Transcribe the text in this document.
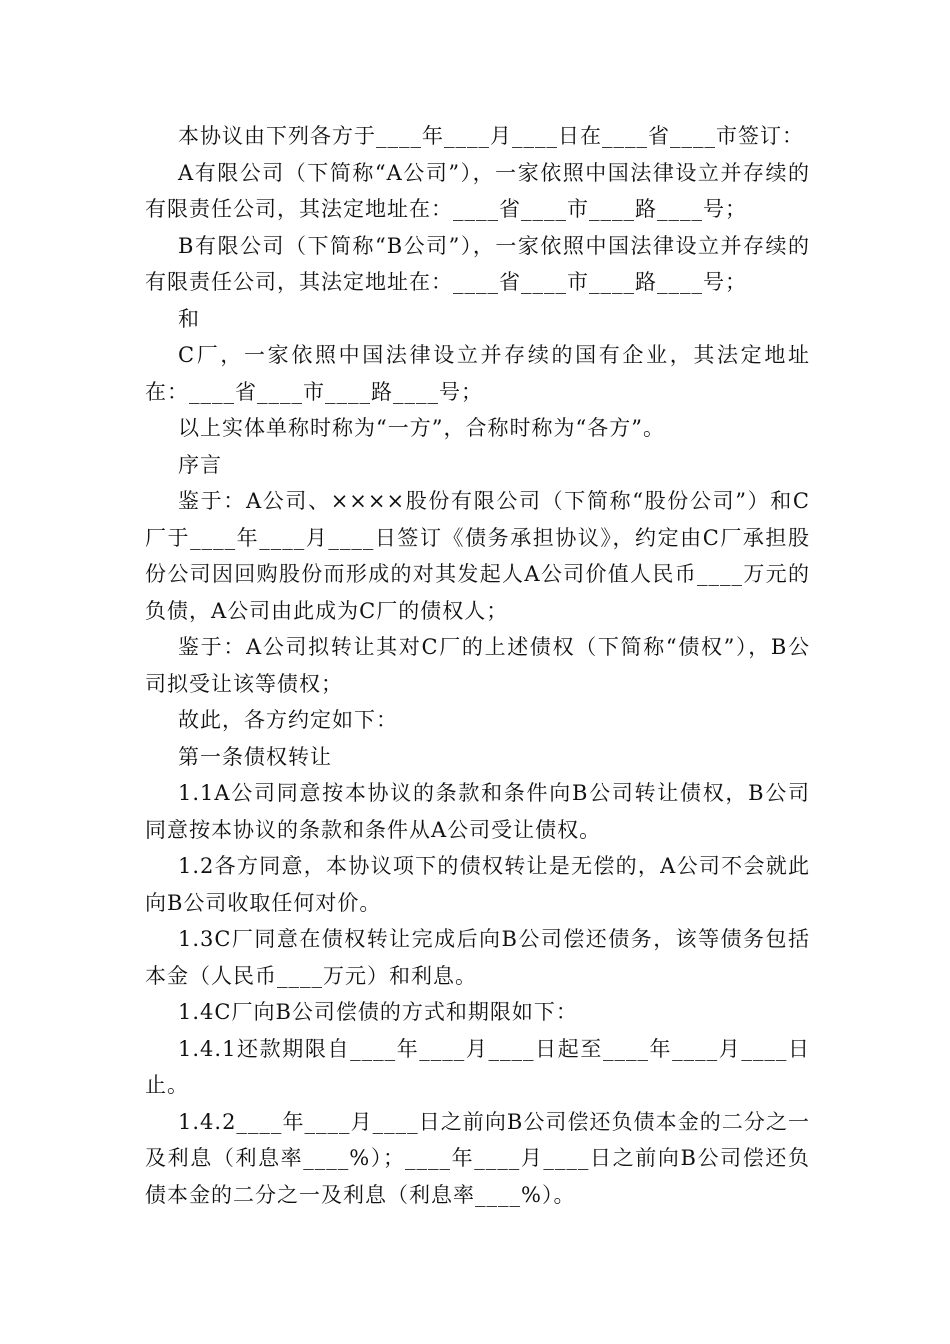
本协议由下列各方于____年____月____日在____省____市签订：

A有限公司（下简称“A公司”），一家依照中国法律设立并存续的有限责任公司，其法定地址在：____省____市____路____号；

B有限公司（下简称“B公司”），一家依照中国法律设立并存续的有限责任公司，其法定地址在：____省____市____路____号；

和

C厂，一家依照中国法律设立并存续的国有企业，其法定地址在：____省____市____路____号；

以上实体单称时称为“一方”，合称时称为“各方”。

序言

鉴于：A公司、××××股份有限公司（下简称“股份公司”）和C厂于____年____月____日签订《债务承担协议》，约定由C厂承担股份公司因回购股份而形成的对其发起人A公司价值人民币____万元的负债，A公司由此成为C厂的债权人；

鉴于：A公司拟转让其对C厂的上述债权（下简称“债权”），B公司拟受让该等债权；

故此，各方约定如下：

第一条债权转让

1.1A公司同意按本协议的条款和条件向B公司转让债权，B公司同意按本协议的条款和条件从A公司受让债权。

1.2各方同意，本协议项下的债权转让是无偿的，A公司不会就此向B公司收取任何对价。

1.3C厂同意在债权转让完成后向B公司偿还债务，该等债务包括本金（人民币____万元）和利息。

1.4C厂向B公司偿债的方式和期限如下：

1.4.1还款期限自____年____月____日起至____年____月____日止。

1.4.2____年____月____日之前向B公司偿还负债本金的二分之一及利息（利息率____%）；____年____月____日之前向B公司偿还负债本金的二分之一及利息（利息率____%）。
